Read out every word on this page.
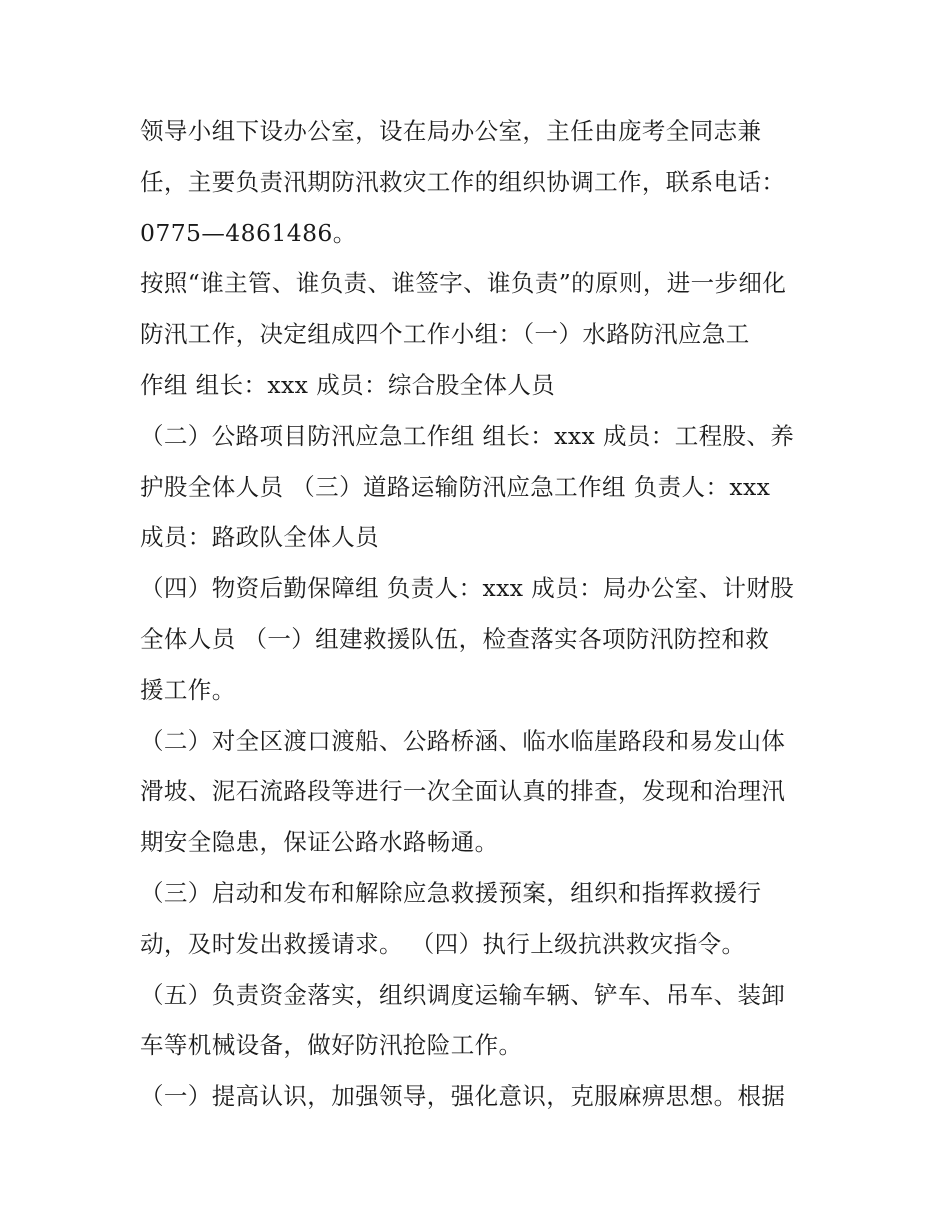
领导小组下设办公室，设在局办公室，主任由庞考全同志兼
任，主要负责汛期防汛救灾工作的组织协调工作，联系电话：
0775—4861486。
按照“谁主管、谁负责、谁签字、谁负责”的原则，进一步细化
防汛工作，决定组成四个工作小组：（一）水路防汛应急工
作组 组长：xxx 成员：综合股全体人员
（二）公路项目防汛应急工作组 组长：xxx 成员：工程股、养
护股全体人员 （三）道路运输防汛应急工作组 负责人：xxx
成员：路政队全体人员
（四）物资后勤保障组 负责人：xxx 成员：局办公室、计财股
全体人员 （一）组建救援队伍，检查落实各项防汛防控和救
援工作。
（二）对全区渡口渡船、公路桥涵、临水临崖路段和易发山体
滑坡、泥石流路段等进行一次全面认真的排查，发现和治理汛
期安全隐患，保证公路水路畅通。
（三）启动和发布和解除应急救援预案，组织和指挥救援行
动，及时发出救援请求。 （四）执行上级抗洪救灾指令。
（五）负责资金落实，组织调度运输车辆、铲车、吊车、装卸
车等机械设备，做好防汛抢险工作。
（一）提高认识，加强领导，强化意识，克服麻痹思想。根据
